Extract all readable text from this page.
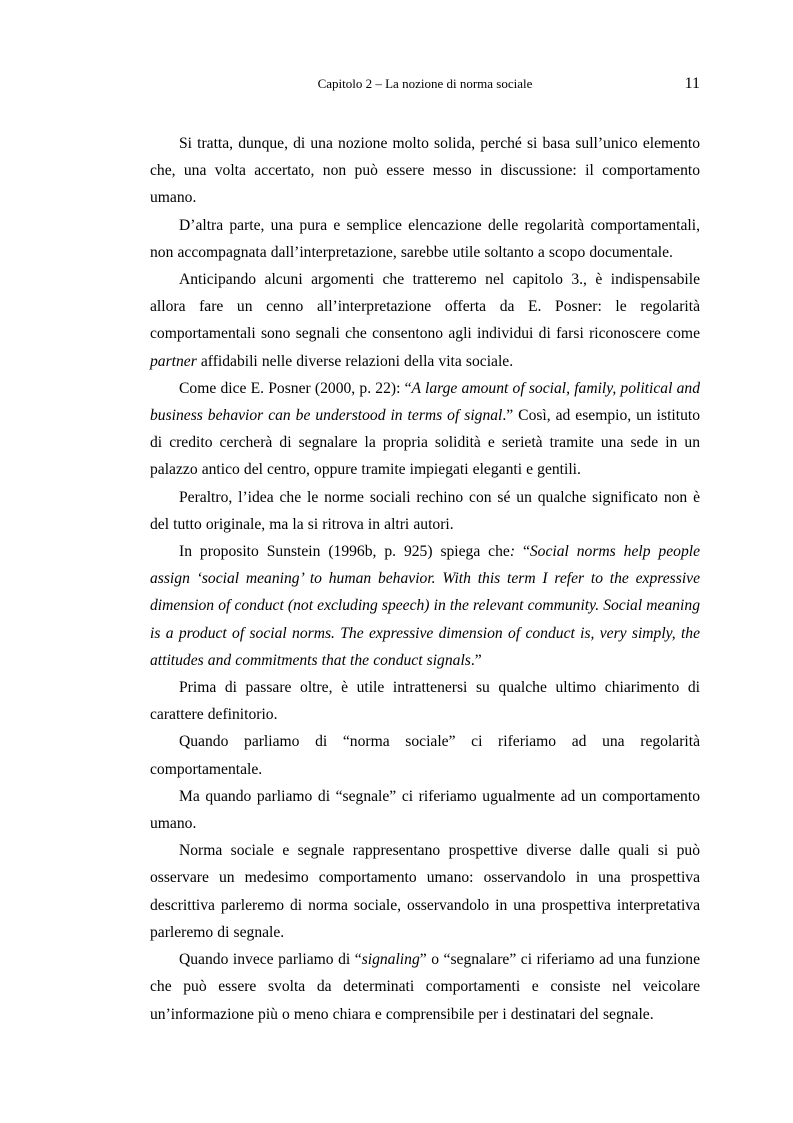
Capitolo 2 – La nozione di norma sociale	11

Si tratta, dunque, di una nozione molto solida, perché si basa sull’unico elemento che, una volta accertato, non può essere messo in discussione: il comportamento umano.

D’altra parte, una pura e semplice elencazione delle regolarità comportamentali, non accompagnata dall’interpretazione, sarebbe utile soltanto a scopo documentale.

Anticipando alcuni argomenti che tratteremo nel capitolo 3., è indispensabile allora fare un cenno all’interpretazione offerta da E. Posner: le regolarità comportamentali sono segnali che consentono agli individui di farsi riconoscere come partner affidabili nelle diverse relazioni della vita sociale.

Come dice E. Posner (2000, p. 22): “A large amount of social, family, political and business behavior can be understood in terms of signal.” Così, ad esempio, un istituto di credito cercherà di segnalare la propria solidità e serietà tramite una sede in un palazzo antico del centro, oppure tramite impiegati eleganti e gentili.

Peraltro, l’idea che le norme sociali rechino con sé un qualche significato non è del tutto originale, ma la si ritrova in altri autori.

In proposito Sunstein (1996b, p. 925) spiega che: “Social norms help people assign ‘social meaning’ to human behavior. With this term I refer to the expressive dimension of conduct (not excluding speech) in the relevant community. Social meaning is a product of social norms. The expressive dimension of conduct is, very simply, the attitudes and commitments that the conduct signals.”

Prima di passare oltre, è utile intrattenersi su qualche ultimo chiarimento di carattere definitorio.

Quando parliamo di “norma sociale” ci riferiamo ad una regolarità comportamentale.

Ma quando parliamo di “segnale” ci riferiamo ugualmente ad un comportamento umano.

Norma sociale e segnale rappresentano prospettive diverse dalle quali si può osservare un medesimo comportamento umano: osservandolo in una prospettiva descrittiva parleremo di norma sociale, osservandolo in una prospettiva interpretativa parleremo di segnale.

Quando invece parliamo di “signaling” o “segnalare” ci riferiamo ad una funzione che può essere svolta da determinati comportamenti e consiste nel veicolare un’informazione più o meno chiara e comprensibile per i destinatari del segnale.
